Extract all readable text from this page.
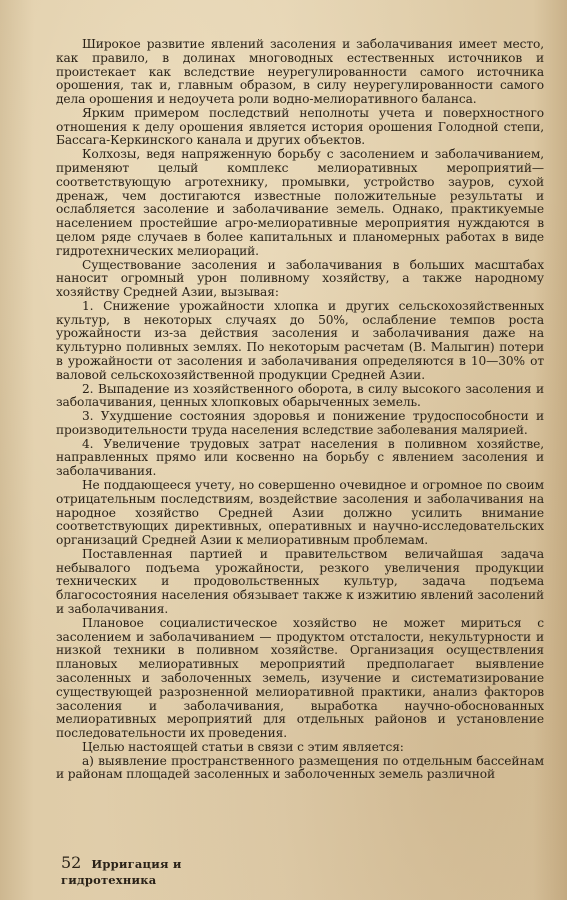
Широкое развитие явлений засоления и заболачивания имеет место, как правило, в долинах многоводных естественных источников и проистекает как вследствие неурегулированности самого источника орошения, так и, главным образом, в силу неурегулированности самого дела орошения и недоучета роли водно-мелиоративного баланса.

Ярким примером последствий неполноты учета и поверхностного отношения к делу орошения является история орошения Голодной степи, Бассага-Керкинского канала и других объектов.

Колхозы, ведя напряженную борьбу с засолением и заболачиванием, применяют целый комплекс мелиоративных мероприятий—соответствующую агротехнику, промывки, устройство зауров, сухой дренаж, чем достигаются известные положительные результаты и ослабляется засоление и заболачивание земель. Однако, практикуемые населением простейшие агро-мелиоративные мероприятия нуждаются в целом ряде случаев в более капитальных и планомерных работах в виде гидротехнических мелиораций.

Существование засоления и заболачивания в больших масштабах наносит огромный урон поливному хозяйству, а также народному хозяйству Средней Азии, вызывая:

1. Снижение урожайности хлопка и других сельскохозяйственных культур, в некоторых случаях до 50%, ослабление темпов роста урожайности из-за действия засоления и заболачивания даже на культурно поливных землях. По некоторым расчетам (В. Малыгин) потери в урожайности от засоления и заболачивания определяются в 10—30% от валовой сельскохозяйственной продукции Средней Азии.

2. Выпадение из хозяйственного оборота, в силу высокого засоления и заболачивания, ценных хлопковых обарыченных земель.

3. Ухудшение состояния здоровья и понижение трудоспособности и производительности труда населения вследствие заболевания малярией.

4. Увеличение трудовых затрат населения в поливном хозяйстве, направленных прямо или косвенно на борьбу с явлением засоления и заболачивания.

Не поддающееся учету, но совершенно очевидное и огромное по своим отрицательным последствиям, воздействие засоления и заболачивания на народное хозяйство Средней Азии должно усилить внимание соответствующих директивных, оперативных и научно-исследовательских организаций Средней Азии к мелиоративным проблемам.

Поставленная партией и правительством величайшая задача небывалого подъема урожайности, резкого увеличения продукции технических и продовольственных культур, задача подъема благосостояния населения обязывает также к изжитию явлений засолений и заболачивания.

Плановое социалистическое хозяйство не может мириться с засолением и заболачиванием — продуктом отсталости, некультурности и низкой техники в поливном хозяйстве. Организация осуществления плановых мелиоративных мероприятий предполагает выявление засоленных и заболоченных земель, изучение и систематизирование существующей разрозненной мелиоративной практики, анализ факторов засоления и заболачивания, выработка научно-обоснованных мелиоративных мероприятий для отдельных районов и установление последовательности их проведения.

Целью настоящей статьи в связи с этим является:

а) выявление пространственного размещения по отдельным бассейнам и районам площадей засоленных и заболоченных земель различной

52 Ирригация и гидротехника
